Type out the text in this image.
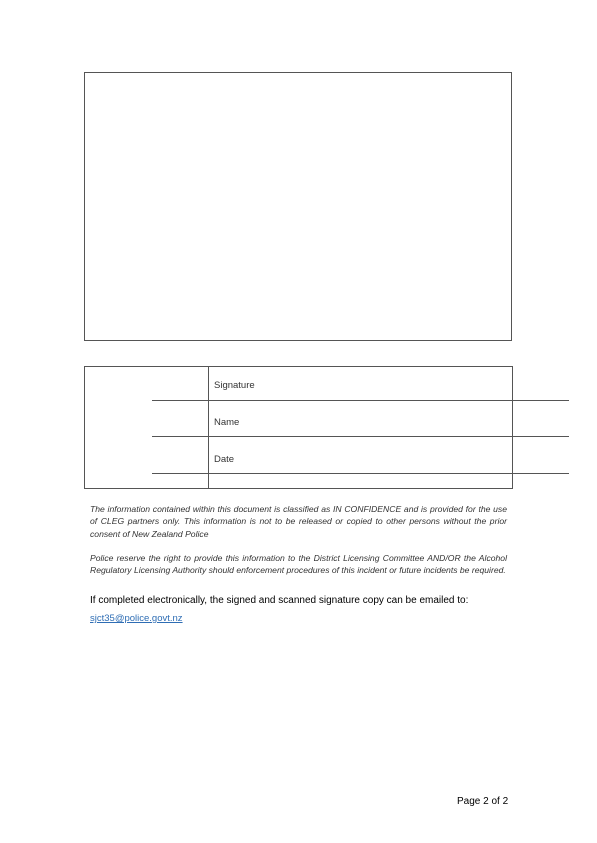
Signature
Name
Date

The information contained within this document is classified as IN CONFIDENCE and is provided for the use of CLEG partners only. This information is not to be released or copied to other persons without the prior consent of New Zealand Police

Police reserve the right to provide this information to the District Licensing Committee AND/OR the Alcohol Regulatory Licensing Authority should enforcement procedures of this incident or future incidents be required.

If completed electronically, the signed and scanned signature copy can be emailed to:

sjct35@police.govt.nz
Page 2 of 2
